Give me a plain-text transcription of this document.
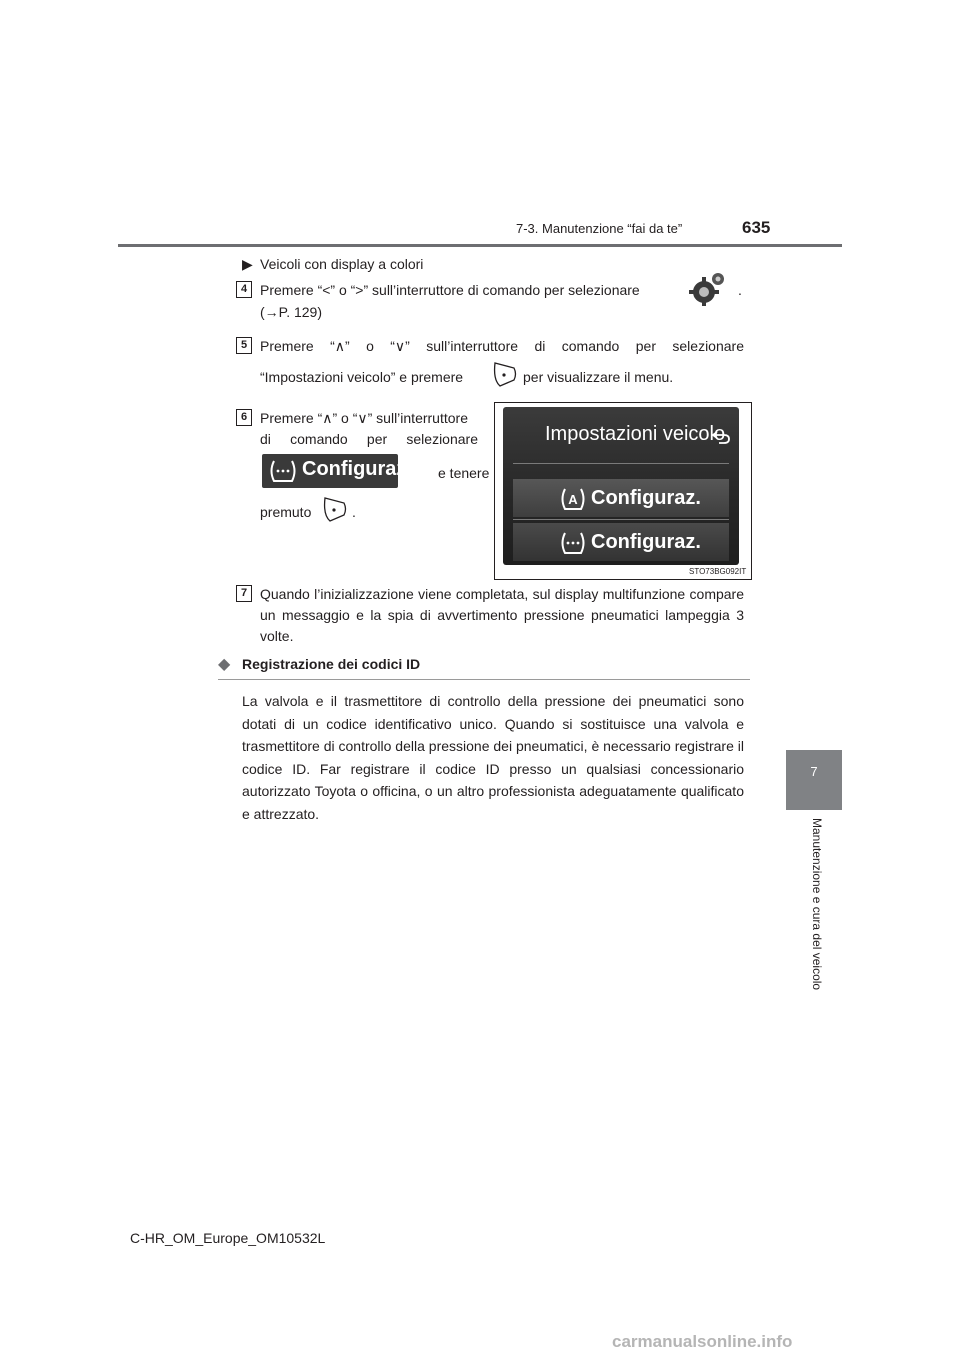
7-3. Manutenzione “fai da te”	635
7
Manutenzione e cura del veicolo
▶ Veicoli con display a colori
4 Premere “<” o “>” sull’interruttore di comando per selezionare	.
(→P. 129)
5 Premere “∧” o “∨” sull’interruttore di comando per selezionare
“Impostazioni veicolo” e premere	per visualizzare il menu.
6 Premere “∧” o “∨” sull’interruttore
di comando per selezionare
Configuraz. e tenere
premuto	.
Impostazioni veicolo
A Configuraz.
Configuraz.
STO73BG092IT
7 Quando l’inizializzazione viene completata, sul display multifunzione compare un messaggio e la spia di avvertimento pressione pneumatici lampeggia 3 volte.
◆ Registrazione dei codici ID
La valvola e il trasmettitore di controllo della pressione dei pneumatici sono dotati di un codice identificativo unico. Quando si sostituisce una valvola e trasmettitore di controllo della pressione dei pneumatici, è necessario registrare il codice ID. Far registrare il codice ID presso un qualsiasi concessionario autorizzato Toyota o officina, o un altro professionista adeguatamente qualificato e attrezzato.
C-HR_OM_Europe_OM10532L
carmanualsonline.info
